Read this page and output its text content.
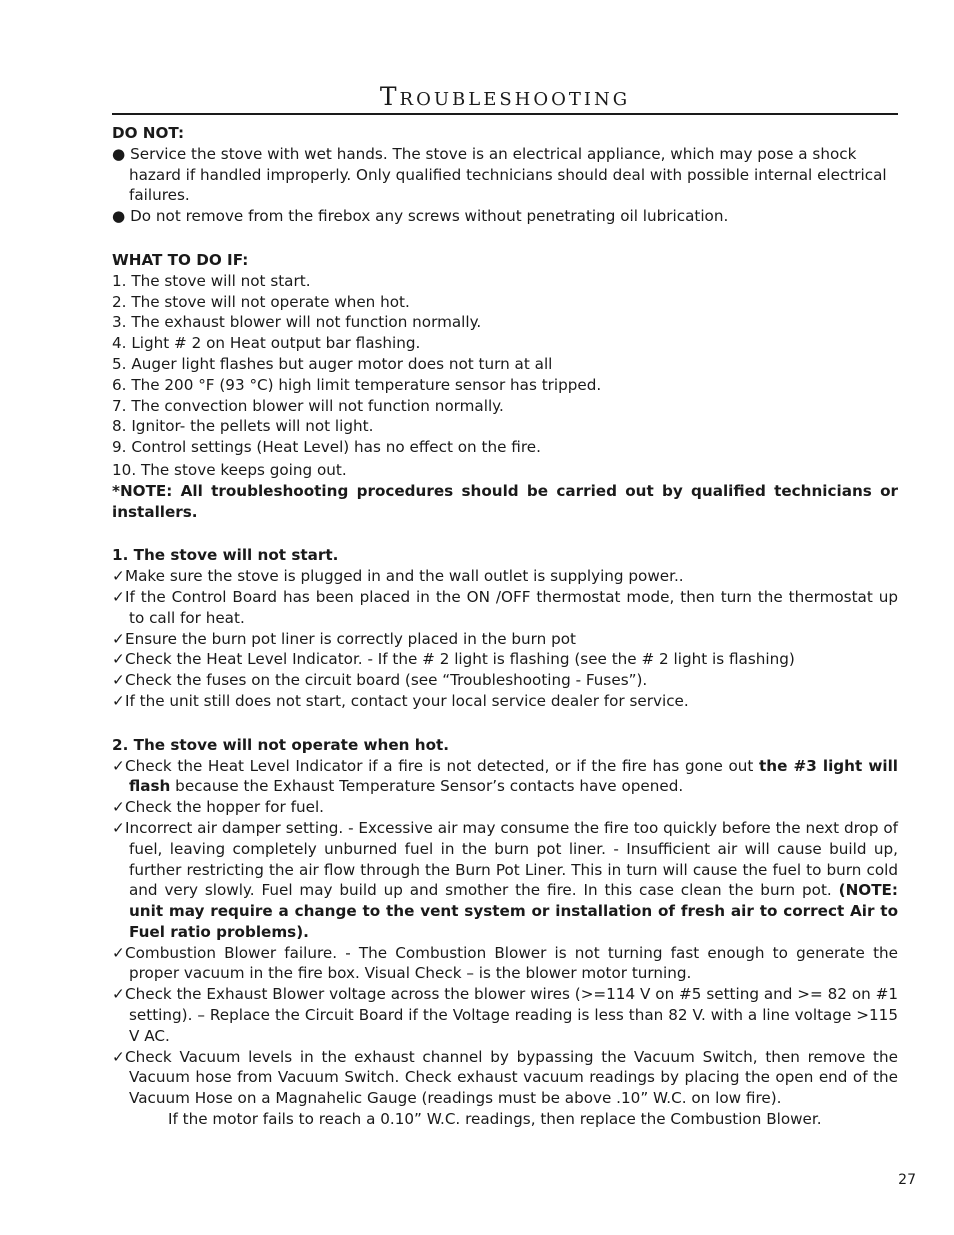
Troubleshooting

DO NOT:

● Service the stove with wet hands. The stove is an electrical appliance, which may pose a shock hazard if handled improperly. Only qualified technicians should deal with possible internal electrical failures.

● Do not remove from the firebox any screws without penetrating oil lubrication.

WHAT TO DO IF:

1. The stove will not start.

2. The stove will not operate when hot.

3. The exhaust blower will not function normally.

4. Light # 2 on Heat output bar flashing.

5. Auger light flashes but auger motor does not turn at all

6. The 200 °F (93 °C) high limit temperature sensor has tripped.

7. The convection blower will not function normally.

8. Ignitor- the pellets will not light.

9. Control settings (Heat Level) has no effect on the fire.

10. The stove keeps going out.

*NOTE: All troubleshooting procedures should be carried out by qualified technicians or installers.

1. The stove will not start.

✓Make sure the stove is plugged in and the wall outlet is supplying power..

✓If the Control Board has been placed in the ON /OFF thermostat mode, then turn the thermostat up to call for heat.

✓Ensure the burn pot liner is correctly placed in the burn pot

✓Check the Heat Level Indicator. - If the # 2 light is flashing (see the # 2 light is flashing)

✓Check the fuses on the circuit board (see “Troubleshooting - Fuses”).

✓If the unit still does not start, contact your local service dealer for service.

2. The stove will not operate when hot.

✓Check the Heat Level Indicator if a fire is not detected, or if the fire has gone out the #3 light will flash because the Exhaust Temperature Sensor’s contacts have opened.

✓Check the hopper for fuel.

✓Incorrect air damper setting. - Excessive air may consume the fire too quickly before the next drop of fuel, leaving completely unburned fuel in the burn pot liner. - Insufficient air will cause build up, further restricting the air flow through the Burn Pot Liner. This in turn will cause the fuel to burn cold and very slowly. Fuel may build up and smother the fire. In this case clean the burn pot. (NOTE: unit may require a change to the vent system or installation of fresh air to correct Air to Fuel ratio problems).

✓Combustion Blower failure. - The Combustion Blower is not turning fast enough to generate the proper vacuum in the fire box. Visual Check – is the blower motor turning.

✓Check the Exhaust Blower voltage across the blower wires (>=114 V on #5 setting and >= 82 on #1 setting). – Replace the Circuit Board if the Voltage reading is less than 82 V. with a line voltage >115 V AC.

✓Check Vacuum levels in the exhaust channel by bypassing the Vacuum Switch, then remove the Vacuum hose from Vacuum Switch. Check exhaust vacuum readings by placing the open end of the Vacuum Hose on a Magnahelic Gauge (readings must be above .10” W.C. on low fire).

If the motor fails to reach a 0.10” W.C. readings, then replace the Combustion Blower.

27
